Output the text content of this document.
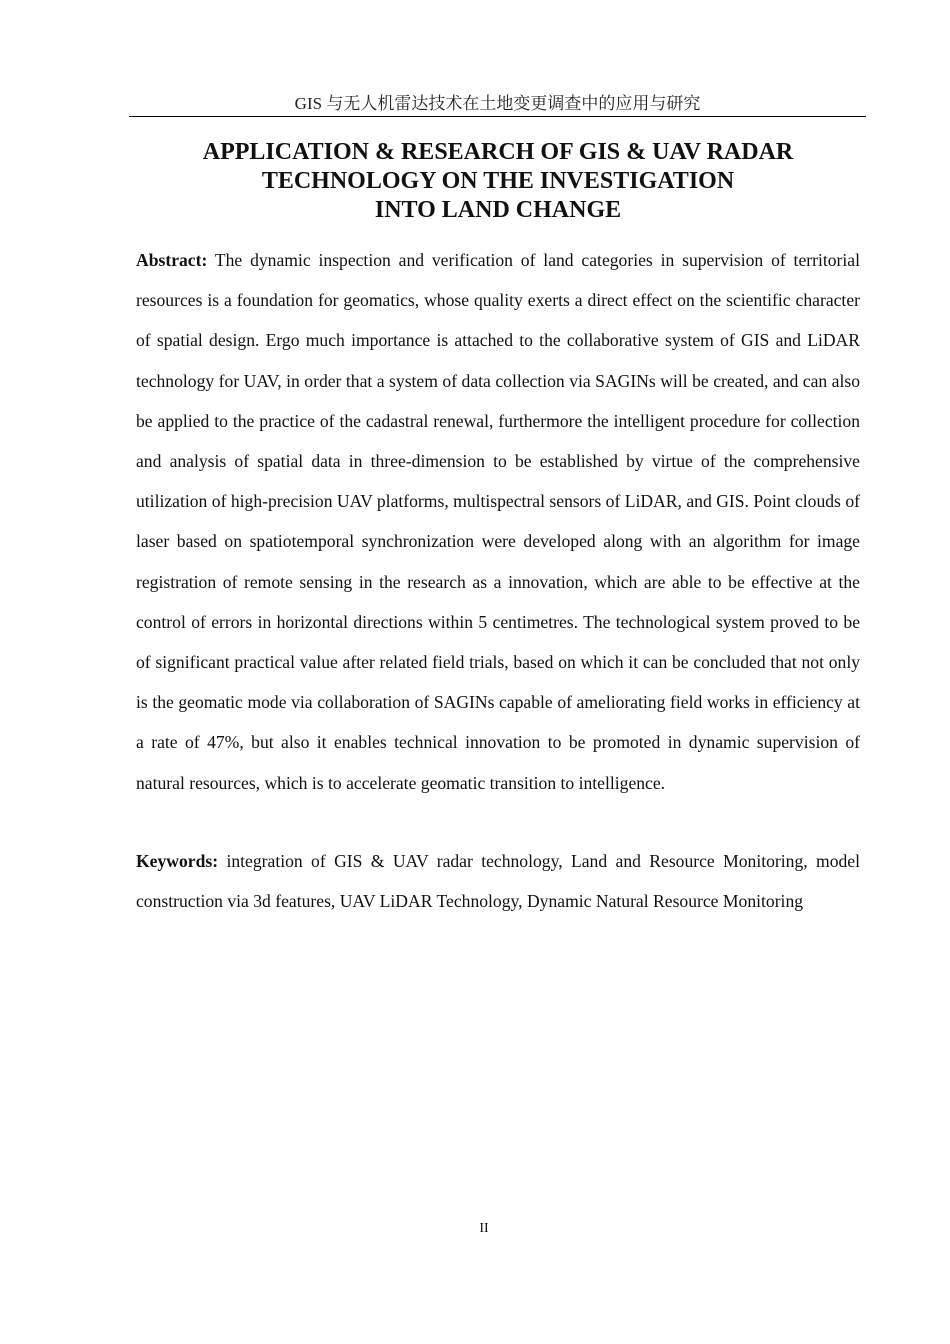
GIS 与无人机雷达技术在土地变更调查中的应用与研究
APPLICATION & RESEARCH OF GIS & UAV RADAR
TECHNOLOGY ON THE INVESTIGATION
INTO LAND CHANGE

Abstract: The dynamic inspection and verification of land categories in supervision of territorial resources is a foundation for geomatics, whose quality exerts a direct effect on the scientific character of spatial design. Ergo much importance is attached to the collaborative system of GIS and LiDAR technology for UAV, in order that a system of data collection via SAGINs will be created, and can also be applied to the practice of the cadastral renewal, furthermore the intelligent procedure for collection and analysis of spatial data in three-dimension to be established by virtue of the comprehensive utilization of high-precision UAV platforms, multispectral sensors of LiDAR, and GIS. Point clouds of laser based on spatiotemporal synchronization were developed along with an algorithm for image registration of remote sensing in the research as a innovation, which are able to be effective at the control of errors in horizontal directions within 5 centimetres. The technological system proved to be of significant practical value after related field trials, based on which it can be concluded that not only is the geomatic mode via collaboration of SAGINs capable of ameliorating field works in efficiency at a rate of 47%, but also it enables technical innovation to be promoted in dynamic supervision of natural resources, which is to accelerate geomatic transition to intelligence.

Keywords: integration of GIS & UAV radar technology, Land and Resource Monitoring, model construction via 3d features, UAV LiDAR Technology, Dynamic Natural Resource Monitoring

II
